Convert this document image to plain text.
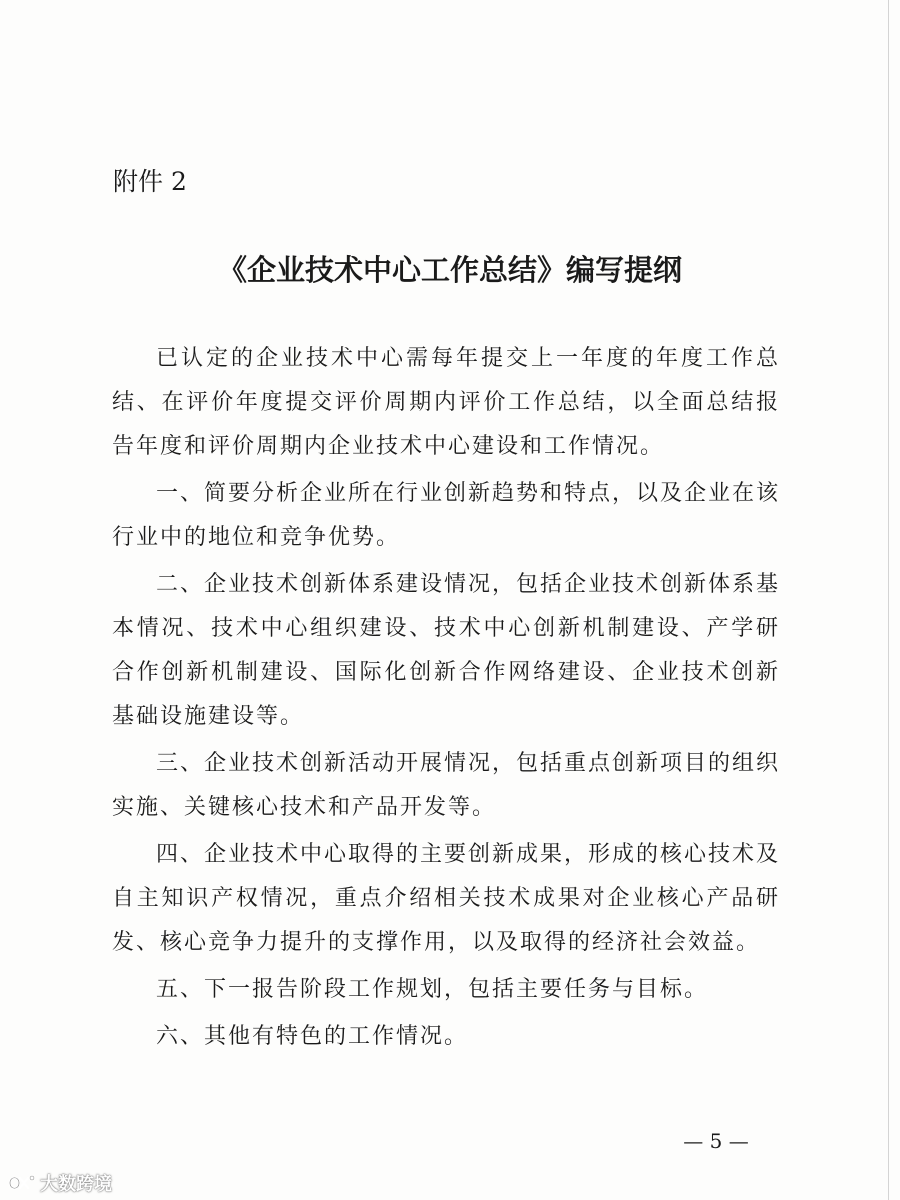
附件 2
《企业技术中心工作总结》编写提纲

已认定的企业技术中心需每年提交上一年度的年度工作总结、在评价年度提交评价周期内评价工作总结，以全面总结报告年度和评价周期内企业技术中心建设和工作情况。

一、简要分析企业所在行业创新趋势和特点，以及企业在该行业中的地位和竞争优势。

二、企业技术创新体系建设情况，包括企业技术创新体系基本情况、技术中心组织建设、技术中心创新机制建设、产学研合作创新机制建设、国际化创新合作网络建设、企业技术创新基础设施建设等。

三、企业技术创新活动开展情况，包括重点创新项目的组织实施、关键核心技术和产品开发等。

四、企业技术中心取得的主要创新成果，形成的核心技术及自主知识产权情况，重点介绍相关技术成果对企业核心产品研发、核心竞争力提升的支撑作用，以及取得的经济社会效益。

五、下一报告阶段工作规划，包括主要任务与目标。

六、其他有特色的工作情况。

— 5 —
大数跨境
